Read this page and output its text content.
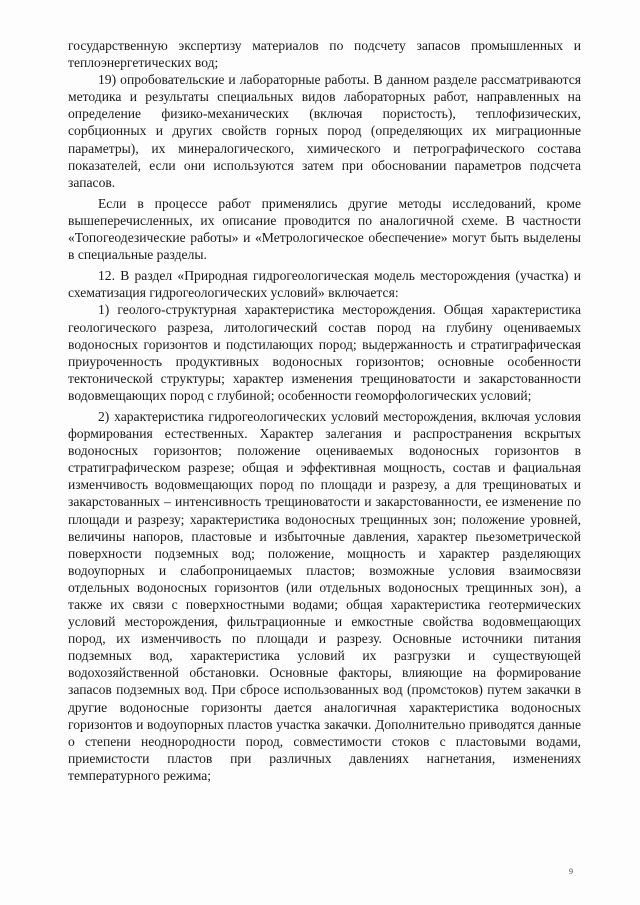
государственную экспертизу материалов по подсчету запасов промышленных и теплоэнергетических вод;

19) опробовательские и лабораторные работы. В данном разделе рассматриваются методика и результаты специальных видов лабораторных работ, направленных на определение физико-механических (включая пористость), теплофизических, сорбционных и других свойств горных пород (определяющих их миграционные параметры), их минералогического, химического и петрографического состава показателей, если они используются затем при обосновании параметров подсчета запасов.

Если в процессе работ применялись другие методы исследований, кроме вышеперечисленных, их описание проводится по аналогичной схеме. В частности «Топогеодезические работы» и «Метрологическое обеспечение» могут быть выделены в специальные разделы.

12. В раздел «Природная гидрогеологическая модель месторождения (участка) и схематизация гидрогеологических условий» включается:

1) геолого-структурная характеристика месторождения. Общая характеристика геологического разреза, литологический состав пород на глубину оцениваемых водоносных горизонтов и подстилающих пород; выдержанность и стратиграфическая приуроченность продуктивных водоносных горизонтов; основные особенности тектонической структуры; характер изменения трещиноватости и закарстованности водовмещающих пород с глубиной; особенности геоморфологических условий;

2) характеристика гидрогеологических условий месторождения, включая условия формирования естественных. Характер залегания и распространения вскрытых водоносных горизонтов; положение оцениваемых водоносных горизонтов в стратиграфическом разрезе; общая и эффективная мощность, состав и фациальная изменчивость водовмещающих пород по площади и разрезу, а для трещиноватых и закарстованных – интенсивность трещиноватости и закарстованности, ее изменение по площади и разрезу; характеристика водоносных трещинных зон; положение уровней, величины напоров, пластовые и избыточные давления, характер пьезометрической поверхности подземных вод; положение, мощность и характер разделяющих водоупорных и слабопроницаемых пластов; возможные условия взаимосвязи отдельных водоносных горизонтов (или отдельных водоносных трещинных зон), а также их связи с поверхностными водами; общая характеристика геотермических условий месторождения, фильтрационные и емкостные свойства водовмещающих пород, их изменчивость по площади и разрезу. Основные источники питания подземных вод, характеристика условий их разгрузки и существующей водохозяйственной обстановки. Основные факторы, влияющие на формирование запасов подземных вод. При сбросе использованных вод (промстоков) путем закачки в другие водоносные горизонты дается аналогичная характеристика водоносных горизонтов и водоупорных пластов участка закачки. Дополнительно приводятся данные о степени неоднородности пород, совместимости стоков с пластовыми водами, приемистости пластов при различных давлениях нагнетания, изменениях температурного режима;

9
